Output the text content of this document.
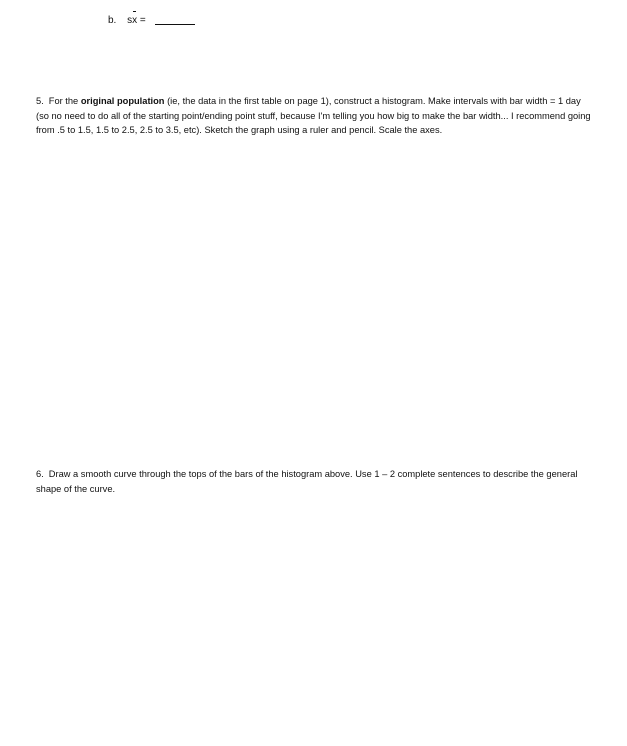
b. sx =
5. For the original population (ie, the data in the first table on page 1), construct a histogram. Make intervals with bar width = 1 day (so no need to do all of the starting point/ending point stuff, because I'm telling you how big to make the bar width... I recommend going from .5 to 1.5, 1.5 to 2.5, 2.5 to 3.5, etc). Sketch the graph using a ruler and pencil. Scale the axes.
6. Draw a smooth curve through the tops of the bars of the histogram above. Use 1 – 2 complete sentences to describe the general shape of the curve.
